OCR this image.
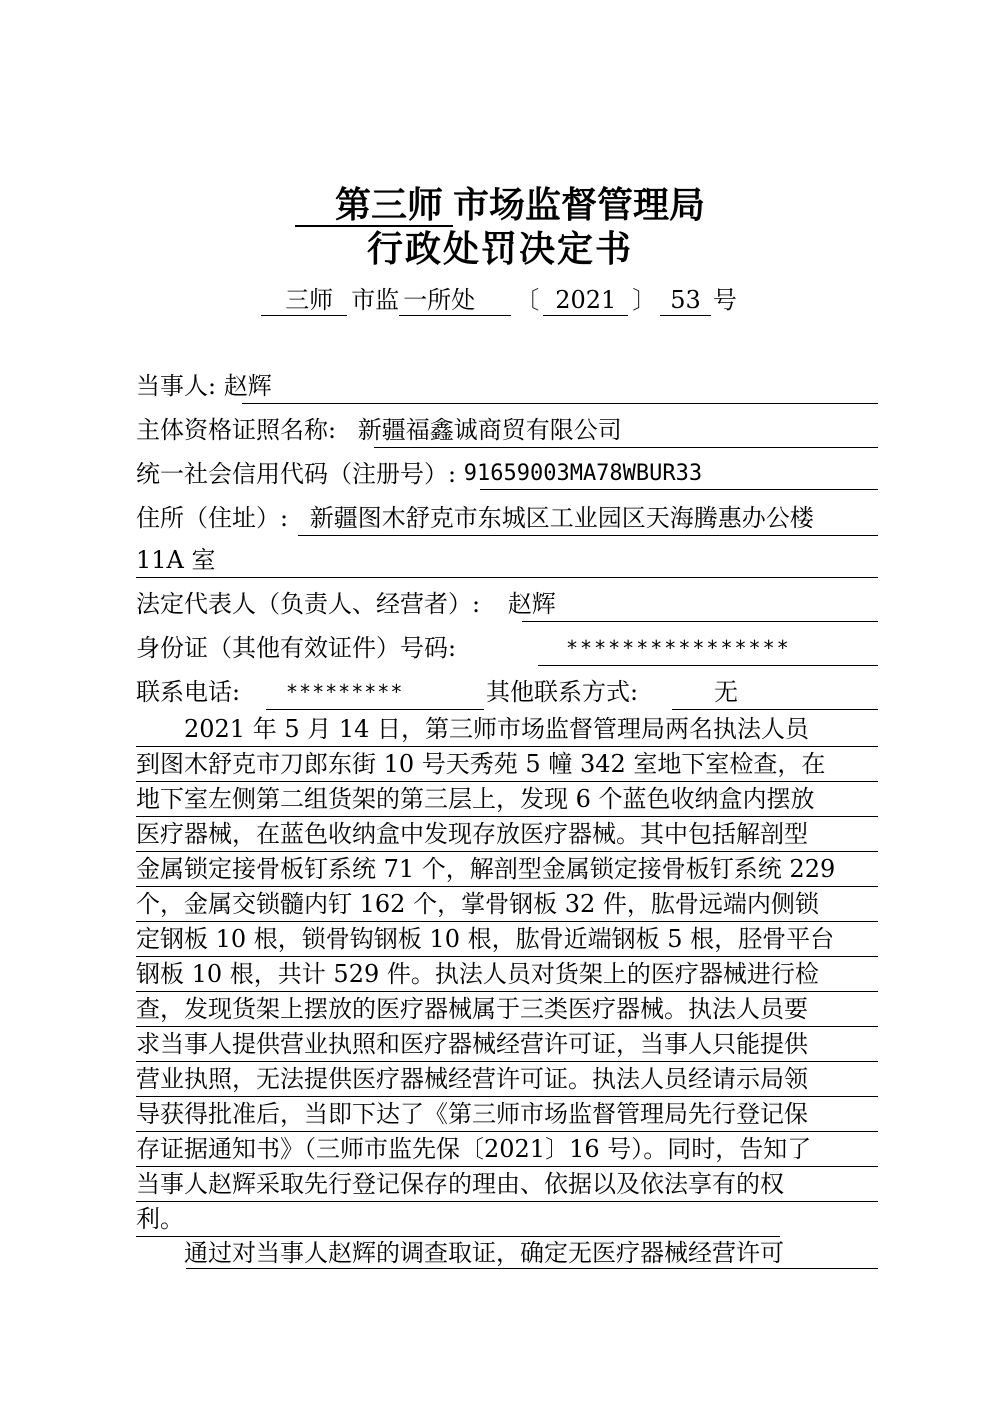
第三师 市场监督管理局
行政处罚决定书
三师 市监 一所处 〔 2021 〕 53 号
当事人: 赵辉
主体资格证照名称: 新疆福鑫诚商贸有限公司
统一社会信用代码（注册号）: 91659003MA78WBUR33
住所（住址）: 新疆图木舒克市东城区工业园区天海腾惠办公楼
11A 室
法定代表人（负责人、经营者）: 赵辉
身份证（其他有效证件）号码:	****************
联系电话: *********	其他联系方式:	无
　　2021 年 5 月 14 日，第三师市场监督管理局两名执法人员
到图木舒克市刀郎东街 10 号天秀苑 5 幢 342 室地下室检查，在
地下室左侧第二组货架的第三层上，发现 6 个蓝色收纳盒内摆放
医疗器械，在蓝色收纳盒中发现存放医疗器械。其中包括解剖型
金属锁定接骨板钉系统 71 个，解剖型金属锁定接骨板钉系统 229
个，金属交锁髓内钉 162 个，掌骨钢板 32 件，肱骨远端内侧锁
定钢板 10 根，锁骨钩钢板 10 根，肱骨近端钢板 5 根，胫骨平台
钢板 10 根，共计 529 件。执法人员对货架上的医疗器械进行检
查，发现货架上摆放的医疗器械属于三类医疗器械。执法人员要
求当事人提供营业执照和医疗器械经营许可证，当事人只能提供
营业执照，无法提供医疗器械经营许可证。执法人员经请示局领
导获得批准后，当即下达了《第三师市场监督管理局先行登记保
存证据通知书》（三师市监先保〔2021〕16 号）。同时，告知了
当事人赵辉采取先行登记保存的理由、依据以及依法享有的权
利。
　　通过对当事人赵辉的调查取证，确定无医疗器械经营许可
